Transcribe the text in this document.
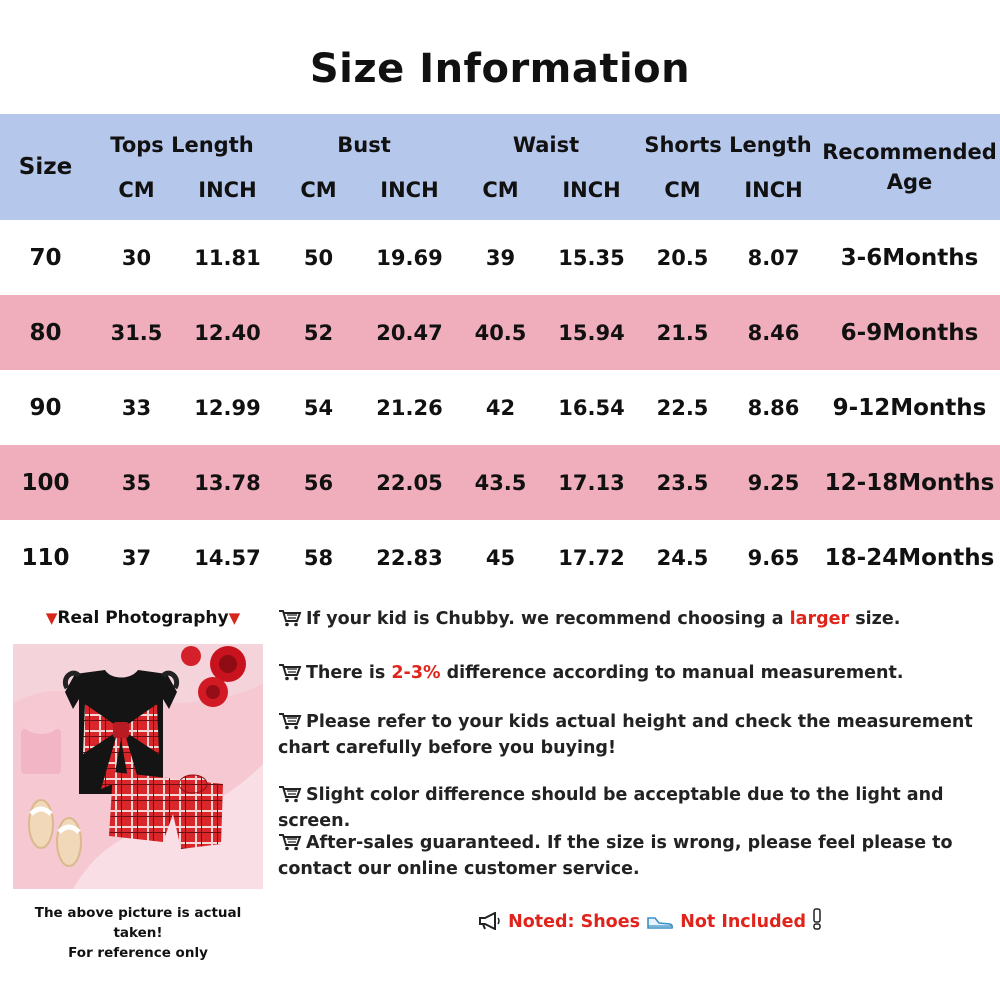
Size Information
Size	Tops Length		Bust		Waist		Shorts Length		Recommended Age
	CM	INCH	CM	INCH	CM	INCH	CM	INCH	
70	30	11.81	50	19.69	39	15.35	20.5	8.07	3-6Months
80	31.5	12.40	52	20.47	40.5	15.94	21.5	8.46	6-9Months
90	33	12.99	54	21.26	42	16.54	22.5	8.86	9-12Months
100	35	13.78	56	22.05	43.5	17.13	23.5	9.25	12-18Months
110	37	14.57	58	22.83	45	17.72	24.5	9.65	18-24Months
▼Real Photography▼
The above picture is actual taken!
For reference only
If your kid is Chubby. we recommend choosing a larger size.
There is 2-3% difference according to manual measurement.
Please refer to your kids actual height and check the measurement chart carefully before you buying!
Slight color difference should be acceptable due to the light and screen.
After-sales guaranteed. If the size is wrong, please feel please to contact our online customer service.
Noted: Shoes Not Included
